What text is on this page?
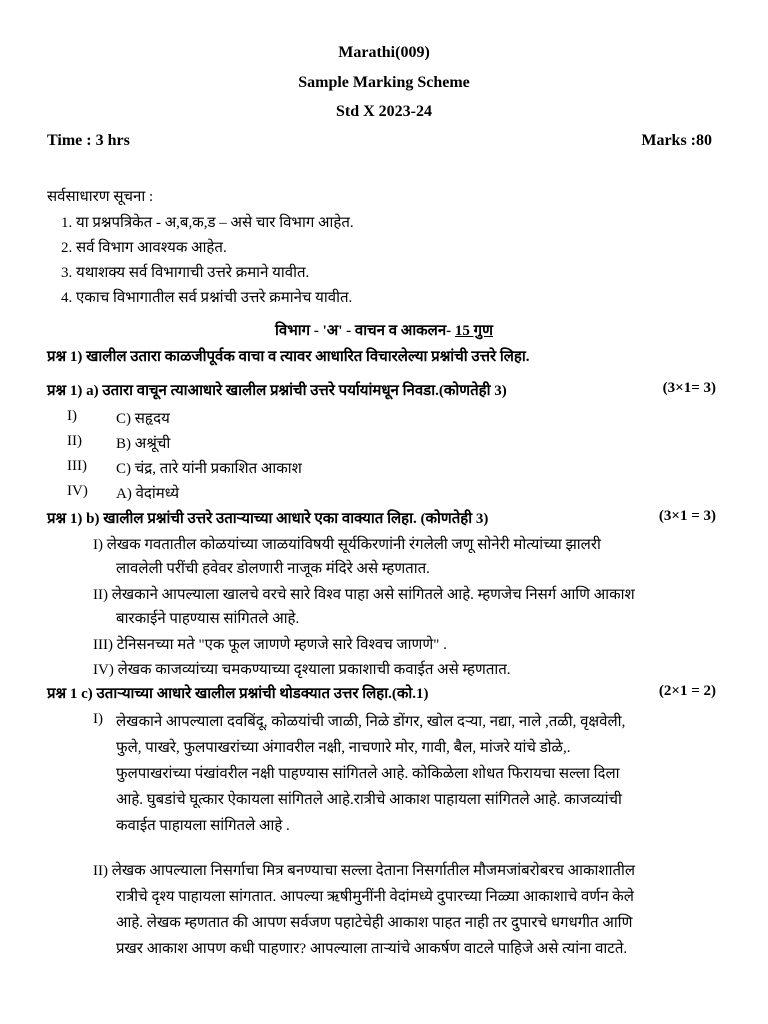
Marathi(009)
Sample Marking Scheme
Std X 2023-24
Time : 3 hrs	Marks :80
सर्वसाधारण सूचना :
1. या प्रश्नपत्रिकेत - अ,ब,क,ड – असे चार विभाग आहेत.
2. सर्व विभाग आवश्यक आहेत.
3. यथाशक्य सर्व विभागाची उत्तरे क्रमाने यावीत.
4. एकाच विभागातील सर्व प्रश्नांची उत्तरे क्रमानेच यावीत.
विभाग - 'अ' - वाचन व आकलन- 15 गुण
प्रश्न 1) खालील उतारा काळजीपूर्वक वाचा व त्यावर आधारित विचारलेल्या प्रश्नांची उत्तरे लिहा.
प्रश्न 1) a) उतारा वाचून त्याआधारे खालील प्रश्नांची उत्तरे पर्यायांमधून निवडा.(कोणतेही 3)	(3×1= 3)
I)	C) सहृदय
II) B) अश्रूंची
III) C) चंद्र, तारे यांनी प्रकाशित आकाश
IV) A) वेदांमध्ये
प्रश्न 1) b) खालील प्रश्नांची उत्तरे उताऱ्याच्या आधारे एका वाक्यात लिहा. (कोणतेही 3)	(3×1 = 3)
I) लेखक गवतातील कोळयांच्या जाळयांविषयी सूर्यकिरणांनी रंगलेली जणू सोनेरी मोत्यांच्या झालरी
लावलेली परींची हवेवर डोलणारी नाजूक मंदिरे असे म्हणतात.
II) लेखकाने आपल्याला खालचे वरचे सारे विश्व पाहा असे सांगितले आहे. म्हणजेच निसर्ग आणि आकाश
बारकाईने पाहण्यास सांगितले आहे.
III) टेनिसनच्या मते "एक फूल जाणणे म्हणजे सारे विश्वच जाणणे" .
IV) लेखक काजव्यांच्या चमकण्याच्या दृश्याला प्रकाशाची कवाईत असे म्हणतात.
प्रश्न 1 c) उताऱ्याच्या आधारे खालील प्रश्नांची थोडक्यात उत्तर लिहा.(को.1)	(2×1 = 2)
I) लेखकाने आपल्याला दवबिंदू, कोळयांची जाळी, निळे डोंगर, खोल दऱ्या, नद्या, नाले ,तळी, वृक्षवेली,
फुले, पाखरे, फुलपाखरांच्या अंगावरील नक्षी, नाचणारे मोर, गावी, बैल, मांजरे यांचे डोळे,.
फुलपाखरांच्या पंखांवरील नक्षी पाहण्यास सांगितले आहे. कोकिळेला शोधत फिरायचा सल्ला दिला
आहे. घुबडांचे घूत्कार ऐकायला सांगितले आहे.रात्रीचे आकाश पाहायला सांगितले आहे. काजव्यांची
कवाईत पाहायला सांगितले आहे .
II) लेखक आपल्याला निसर्गाचा मित्र बनण्याचा सल्ला देताना निसर्गातील मौजमजांबरोबरच आकाशातील
रात्रीचे दृश्य पाहायला सांगतात. आपल्या ऋषीमुनींनी वेदांमध्ये दुपारच्या निळ्या आकाशाचे वर्णन केले
आहे. लेखक म्हणतात की आपण सर्वजण पहाटेचेही आकाश पाहत नाही तर दुपारचे धगधगीत आणि
प्रखर आकाश आपण कधी पाहणार? आपल्याला ताऱ्यांचे आकर्षण वाटले पाहिजे असे त्यांना वाटते.
